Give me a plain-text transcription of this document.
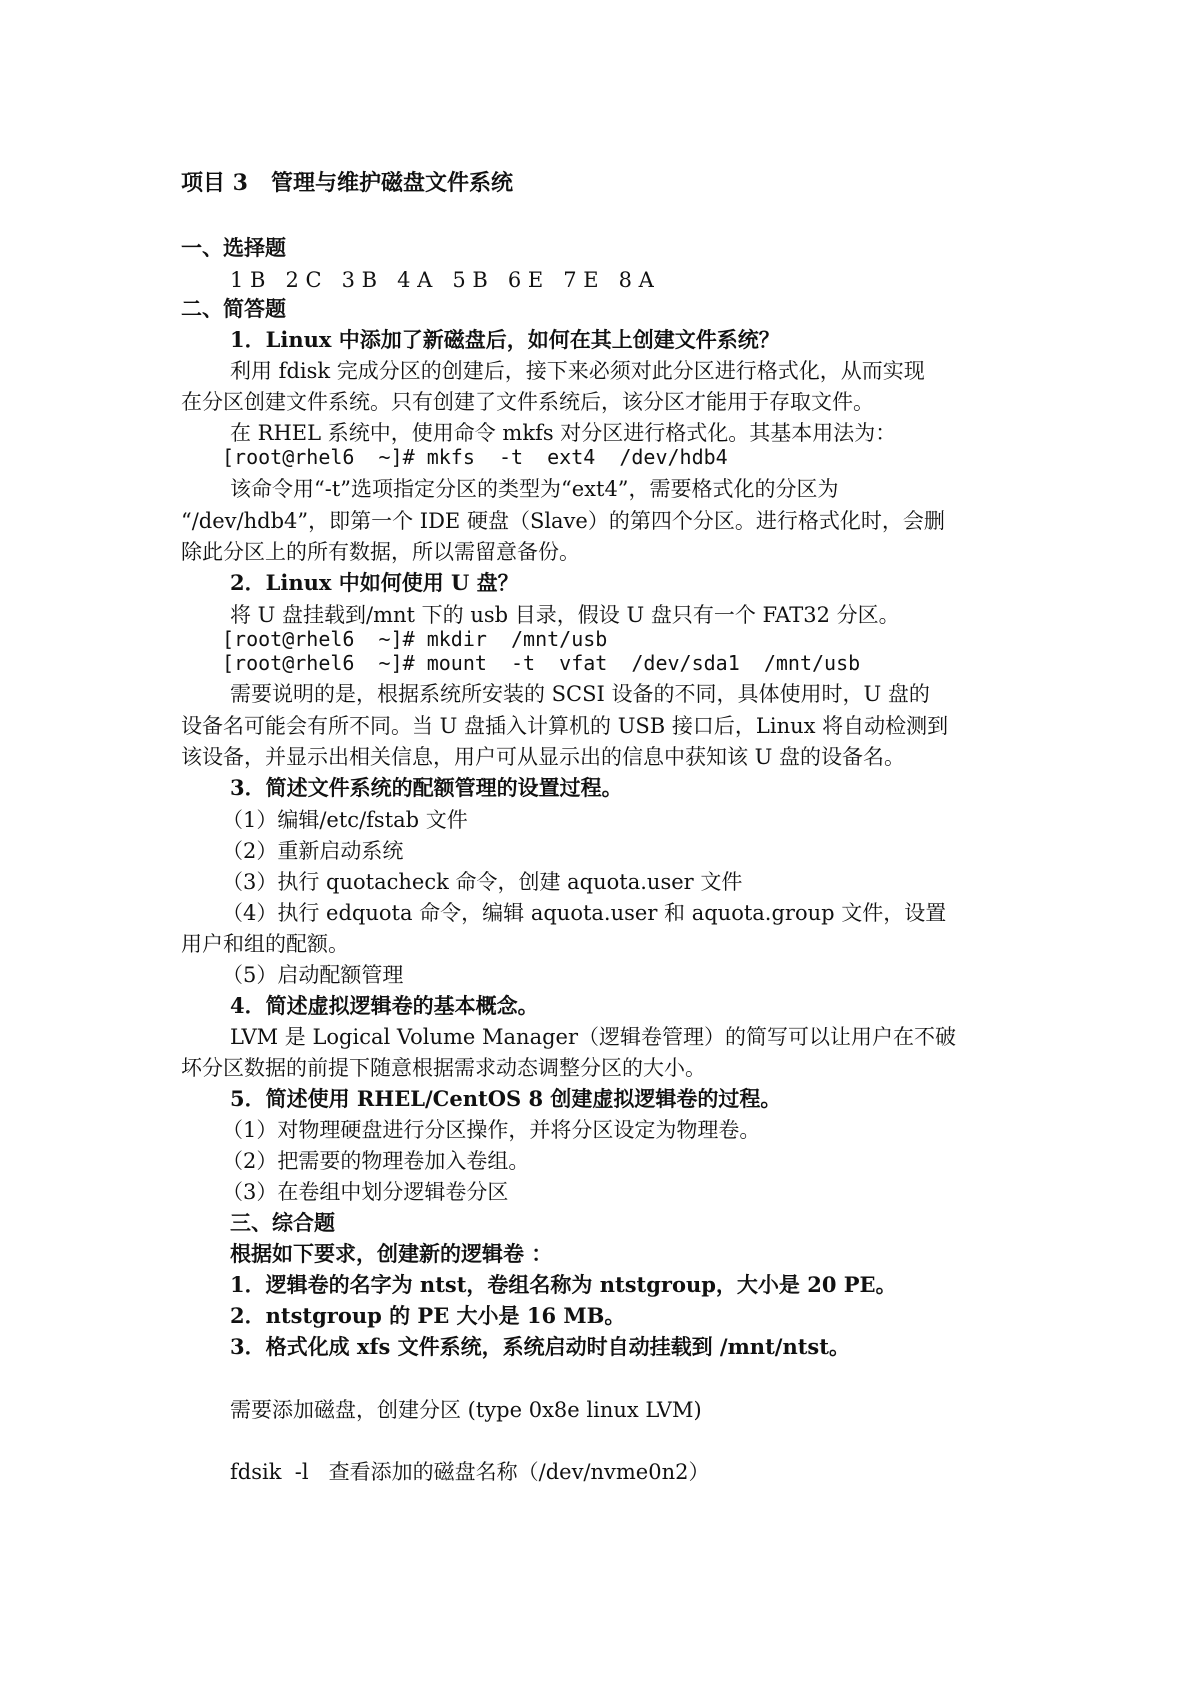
项目 3   管理与维护磁盘文件系统
一、选择题
1 B   2 C   3 B   4 A   5 B   6 E   7 E   8 A
二、简答题
1．Linux 中添加了新磁盘后，如何在其上创建文件系统？
利用 fdisk 完成分区的创建后，接下来必须对此分区进行格式化，从而实现
在分区创建文件系统。只有创建了文件系统后，该分区才能用于存取文件。
在 RHEL 系统中，使用命令 mkfs 对分区进行格式化。其基本用法为：
[root@rhel6  ~]# mkfs  -t  ext4  /dev/hdb4
该命令用“-t”选项指定分区的类型为“ext4”，需要格式化的分区为
“/dev/hdb4”，即第一个 IDE 硬盘（Slave）的第四个分区。进行格式化时，会删
除此分区上的所有数据，所以需留意备份。
2．Linux 中如何使用 U 盘？
将 U 盘挂载到/mnt 下的 usb 目录，假设 U 盘只有一个 FAT32 分区。
[root@rhel6  ~]# mkdir  /mnt/usb
[root@rhel6  ~]# mount  -t  vfat  /dev/sda1  /mnt/usb
需要说明的是，根据系统所安装的 SCSI 设备的不同，具体使用时，U 盘的
设备名可能会有所不同。当 U 盘插入计算机的 USB 接口后，Linux 将自动检测到
该设备，并显示出相关信息，用户可从显示出的信息中获知该 U 盘的设备名。
3．简述文件系统的配额管理的设置过程。
（1）编辑/etc/fstab 文件
（2）重新启动系统
（3）执行 quotacheck 命令，创建 aquota.user 文件
（4）执行 edquota 命令，编辑 aquota.user 和 aquota.group 文件，设置
用户和组的配额。
（5）启动配额管理
4．简述虚拟逻辑卷的基本概念。
LVM 是 Logical Volume Manager（逻辑卷管理）的简写可以让用户在不破
坏分区数据的前提下随意根据需求动态调整分区的大小。
5．简述使用 RHEL/CentOS 8 创建虚拟逻辑卷的过程。
（1）对物理硬盘进行分区操作，并将分区设定为物理卷。
（2）把需要的物理卷加入卷组。
（3）在卷组中划分逻辑卷分区
三、综合题
根据如下要求，创建新的逻辑卷 ：
1．逻辑卷的名字为 ntst，卷组名称为 ntstgroup，大小是 20 PE。
2．ntstgroup 的 PE 大小是 16 MB。
3．格式化成 xfs 文件系统，系统启动时自动挂载到 /mnt/ntst。
需要添加磁盘，创建分区 (type 0x8e linux LVM)
fdsik  -l   查看添加的磁盘名称（/dev/nvme0n2）
